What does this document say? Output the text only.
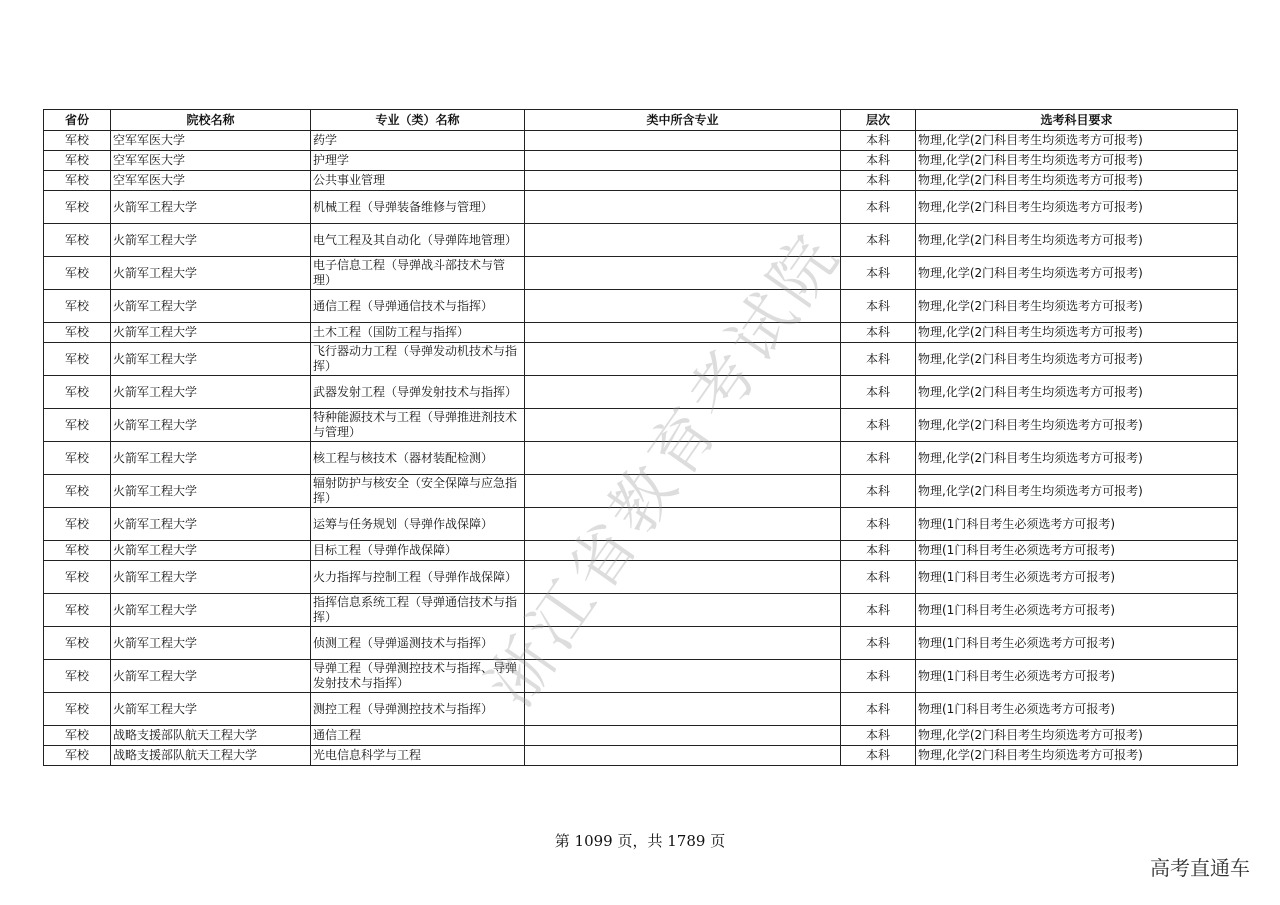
浙江省教育考试院
省份	院校名称	专业（类）名称	类中所含专业	层次	选考科目要求
军校	空军军医大学	药学		本科	物理,化学(2门科目考生均须选考方可报考)
军校	空军军医大学	护理学		本科	物理,化学(2门科目考生均须选考方可报考)
军校	空军军医大学	公共事业管理		本科	物理,化学(2门科目考生均须选考方可报考)
军校	火箭军工程大学	机械工程（导弹装备维修与管理）		本科	物理,化学(2门科目考生均须选考方可报考)
军校	火箭军工程大学	电气工程及其自动化（导弹阵地管理）		本科	物理,化学(2门科目考生均须选考方可报考)
军校	火箭军工程大学	电子信息工程（导弹战斗部技术与管理）		本科	物理,化学(2门科目考生均须选考方可报考)
军校	火箭军工程大学	通信工程（导弹通信技术与指挥）		本科	物理,化学(2门科目考生均须选考方可报考)
军校	火箭军工程大学	土木工程（国防工程与指挥）		本科	物理,化学(2门科目考生均须选考方可报考)
军校	火箭军工程大学	飞行器动力工程（导弹发动机技术与指挥）		本科	物理,化学(2门科目考生均须选考方可报考)
军校	火箭军工程大学	武器发射工程（导弹发射技术与指挥）		本科	物理,化学(2门科目考生均须选考方可报考)
军校	火箭军工程大学	特种能源技术与工程（导弹推进剂技术与管理）		本科	物理,化学(2门科目考生均须选考方可报考)
军校	火箭军工程大学	核工程与核技术（器材装配检测）		本科	物理,化学(2门科目考生均须选考方可报考)
军校	火箭军工程大学	辐射防护与核安全（安全保障与应急指挥）		本科	物理,化学(2门科目考生均须选考方可报考)
军校	火箭军工程大学	运筹与任务规划（导弹作战保障）		本科	物理(1门科目考生必须选考方可报考)
军校	火箭军工程大学	目标工程（导弹作战保障）		本科	物理(1门科目考生必须选考方可报考)
军校	火箭军工程大学	火力指挥与控制工程（导弹作战保障）		本科	物理(1门科目考生必须选考方可报考)
军校	火箭军工程大学	指挥信息系统工程（导弹通信技术与指挥）		本科	物理(1门科目考生必须选考方可报考)
军校	火箭军工程大学	侦测工程（导弹遥测技术与指挥）		本科	物理(1门科目考生必须选考方可报考)
军校	火箭军工程大学	导弹工程（导弹测控技术与指挥、导弹发射技术与指挥）		本科	物理(1门科目考生必须选考方可报考)
军校	火箭军工程大学	测控工程（导弹测控技术与指挥）		本科	物理(1门科目考生必须选考方可报考)
军校	战略支援部队航天工程大学	通信工程		本科	物理,化学(2门科目考生均须选考方可报考)
军校	战略支援部队航天工程大学	光电信息科学与工程		本科	物理,化学(2门科目考生均须选考方可报考)
第 1099 页，共 1789 页
高考直通车
